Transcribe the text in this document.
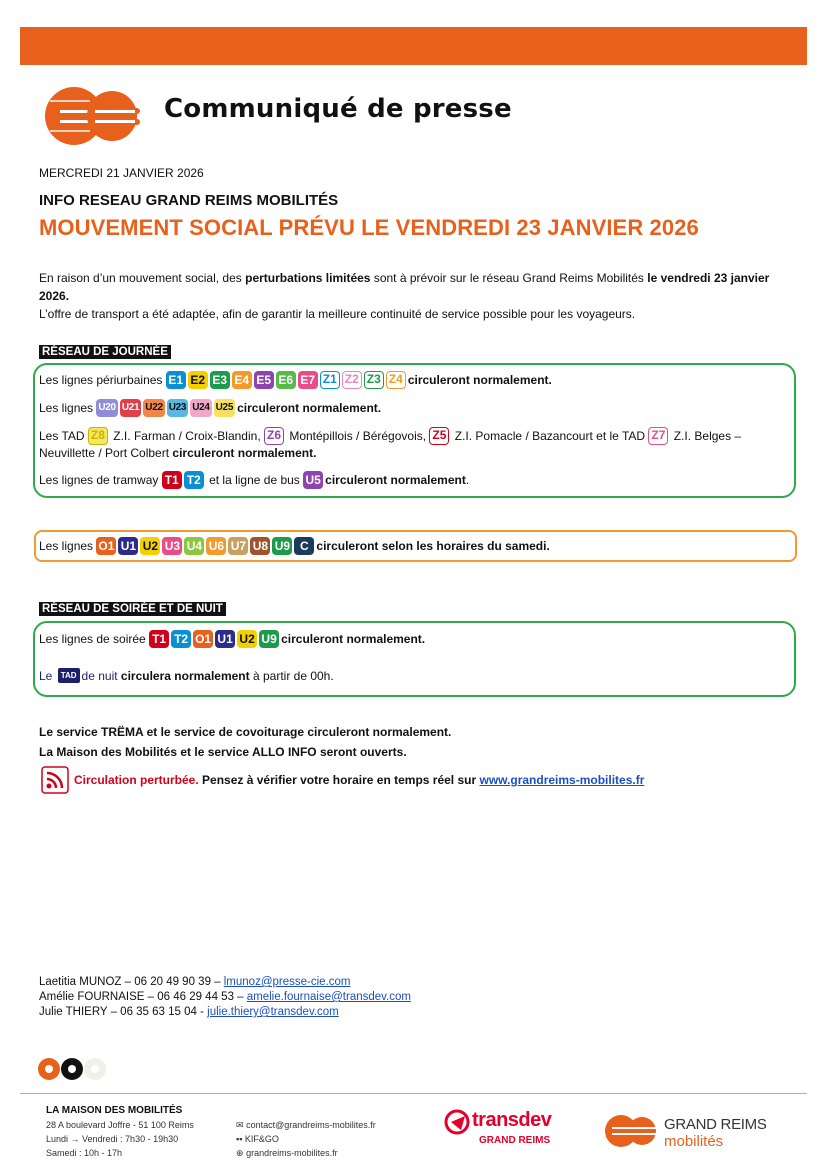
Communiqué de presse
MERCREDI 21 JANVIER 2026
INFO RESEAU GRAND REIMS MOBILITÉS
MOUVEMENT SOCIAL PRÉVU LE VENDREDI 23 JANVIER 2026
En raison d’un mouvement social, des perturbations limitées sont à prévoir sur le réseau Grand Reims Mobilités le vendredi 23 janvier 2026.
L’offre de transport a été adaptée, afin de garantir la meilleure continuité de service possible pour les voyageurs.
RÉSEAU DE JOURNÉE
Les lignes périurbaines E1 E2 E3 E4 E5 E6 E7 Z1 Z2 Z3 Z4 circuleront normalement.
Les lignes U20 U21 U22 U23 U24 U25 circuleront normalement.
Les TAD Z8 Z.I. Farman / Croix-Blandin, Z6 Montépillois / Bérégovois, Z5 Z.I. Pomacle / Bazancourt et le TAD Z7 Z.I. Belges –
Neuvillette / Port Colbert circuleront normalement.
Les lignes de tramway T1 T2 et la ligne de bus U5 circuleront normalement .
Les lignes O1 U1 U2 U3 U4 U6 U7 U8 U9 C circuleront selon les horaires du samedi.
RÉSEAU DE SOIRÉE ET DE NUIT
Les lignes de soirée T1 T2 O1 U1 U2 U9 circuleront normalement.
Le TAD de nuit circulera normalement à partir de 00h.
Le service TRËMA et le service de covoiturage circuleront normalement.
La Maison des Mobilités et le service ALLO INFO seront ouverts.
Circulation perturbée. Pensez à vérifier votre horaire en temps réel sur www.grandreims-mobilites.fr
Laetitia MUNOZ – 06 20 49 90 39 – lmunoz@presse-cie.com
Amélie FOURNAISE – 06 46 29 44 53 – amelie.fournaise@transdev.com
Julie THIERY – 06 35 63 15 04 - julie.thiery@transdev.com
LA MAISON DES MOBILITÉS
28 A boulevard Joffre - 51 100 Reims
Lundi → Vendredi : 7h30 - 19h30
Samedi : 10h - 17h
✉ contact@grandreims-mobilites.fr
▪▪ KIF&GO
⊕ grandreims-mobilites.fr
transdev
GRAND REIMS
GRAND REIMS
mobilités
